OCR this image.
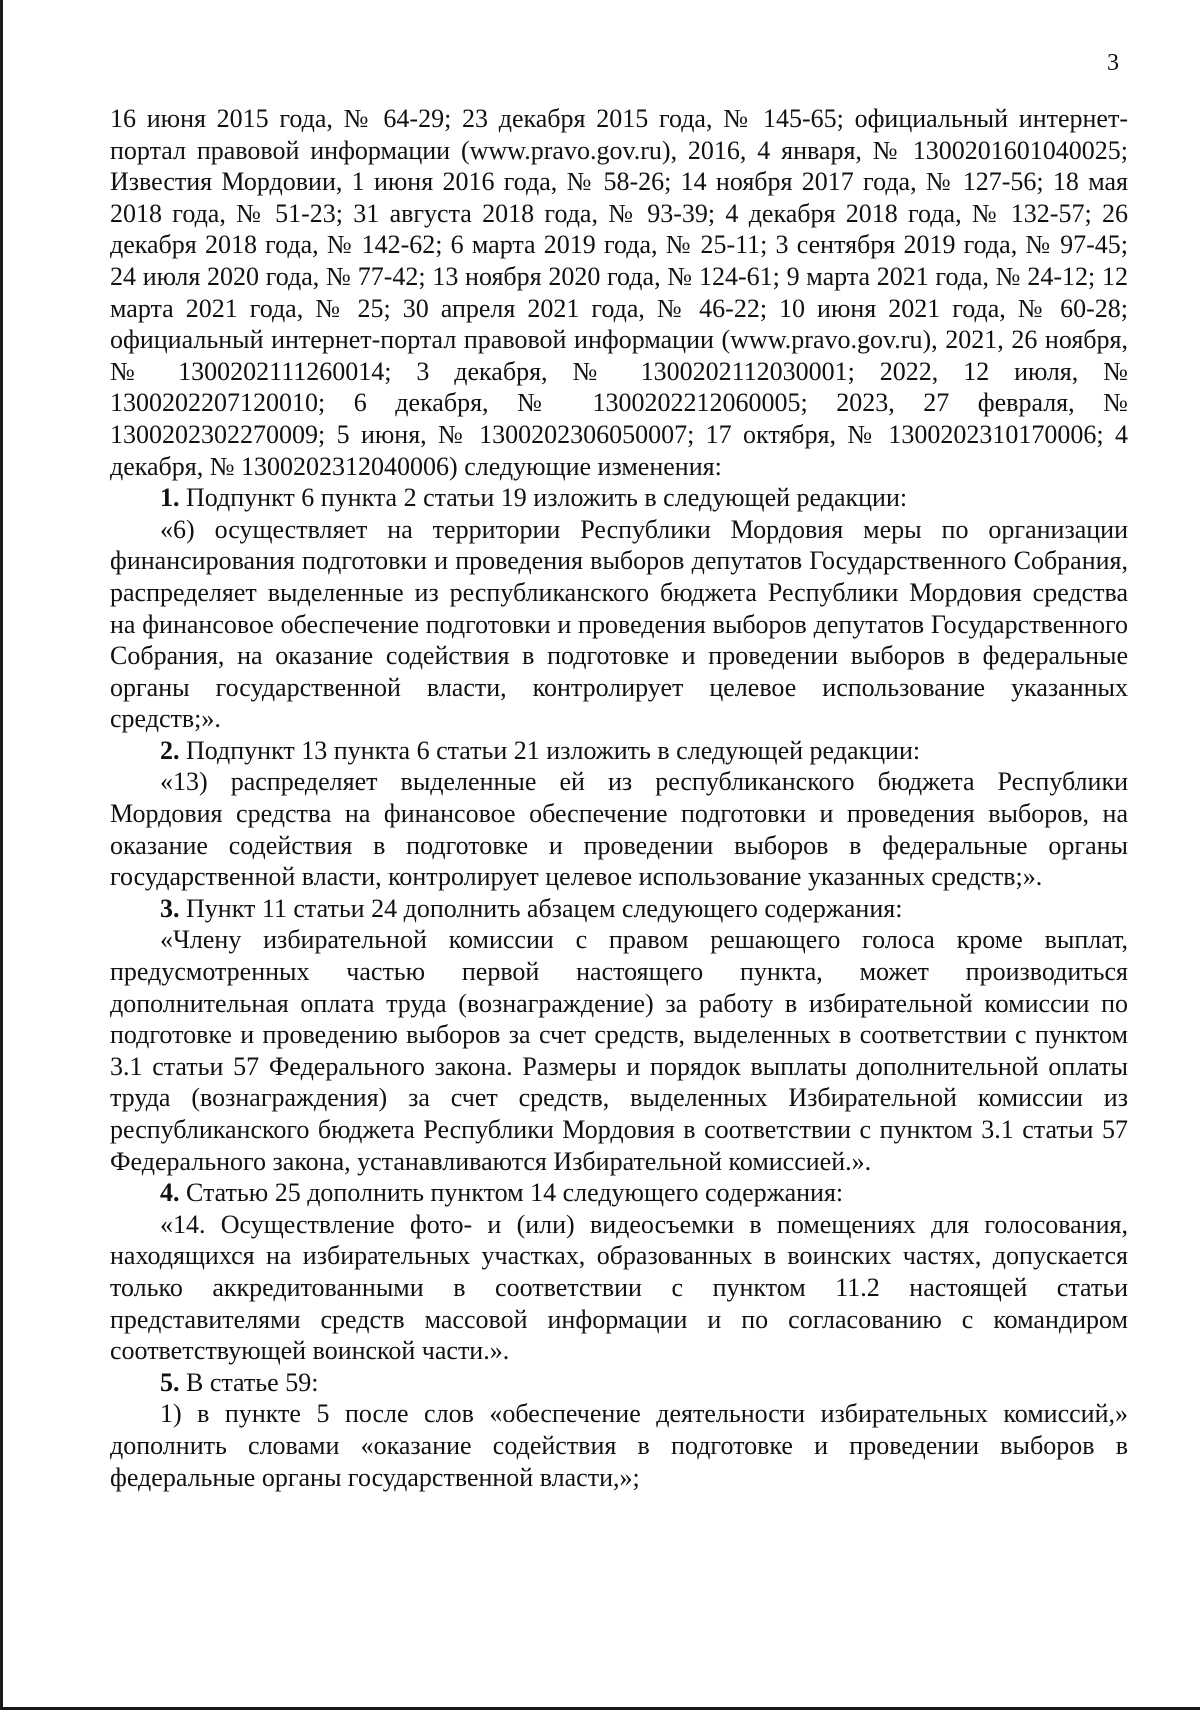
3

16 июня 2015 года, № 64-29; 23 декабря 2015 года, № 145-65; официальный интернет-портал правовой информации (www.pravo.gov.ru), 2016, 4 января, № 1300201601040025; Известия Мордовии, 1 июня 2016 года, № 58-26; 14 ноября 2017 года, № 127-56; 18 мая 2018 года, № 51-23; 31 августа 2018 года, № 93-39; 4 декабря 2018 года, № 132-57; 26 декабря 2018 года, № 142-62; 6 марта 2019 года, № 25-11; 3 сентября 2019 года, № 97-45; 24 июля 2020 года, № 77-42; 13 ноября 2020 года, № 124-61; 9 марта 2021 года, № 24-12; 12 марта 2021 года, № 25; 30 апреля 2021 года, № 46-22; 10 июня 2021 года, № 60-28; официальный интернет-портал правовой информации (www.pravo.gov.ru), 2021, 26 ноября, № 1300202111260014; 3 декабря, № 1300202112030001; 2022, 12 июля, № 1300202207120010; 6 декабря, № 1300202212060005; 2023, 27 февраля, № 1300202302270009; 5 июня, № 1300202306050007; 17 октября, № 1300202310170006; 4 декабря, № 1300202312040006) следующие изменения:

1. Подпункт 6 пункта 2 статьи 19 изложить в следующей редакции:

«6) осуществляет на территории Республики Мордовия меры по организации финансирования подготовки и проведения выборов депутатов Государственного Собрания, распределяет выделенные из республиканского бюджета Республики Мордовия средства на финансовое обеспечение подготовки и проведения выборов депутатов Государственного Собрания, на оказание содействия в подготовке и проведении выборов в федеральные органы государственной власти, контролирует целевое использование указанных средств;».

2. Подпункт 13 пункта 6 статьи 21 изложить в следующей редакции:

«13) распределяет выделенные ей из республиканского бюджета Республики Мордовия средства на финансовое обеспечение подготовки и проведения выборов, на оказание содействия в подготовке и проведении выборов в федеральные органы государственной власти, контролирует целевое использование указанных средств;».

3. Пункт 11 статьи 24 дополнить абзацем следующего содержания:

«Члену избирательной комиссии с правом решающего голоса кроме выплат, предусмотренных частью первой настоящего пункта, может производиться дополнительная оплата труда (вознаграждение) за работу в избирательной комиссии по подготовке и проведению выборов за счет средств, выделенных в соответствии с пунктом 3.1 статьи 57 Федерального закона. Размеры и порядок выплаты дополнительной оплаты труда (вознаграждения) за счет средств, выделенных Избирательной комиссии из республиканского бюджета Республики Мордовия в соответствии с пунктом 3.1 статьи 57 Федерального закона, устанавливаются Избирательной комиссией.».

4. Статью 25 дополнить пунктом 14 следующего содержания:

«14. Осуществление фото- и (или) видеосъемки в помещениях для голосования, находящихся на избирательных участках, образованных в воинских частях, допускается только аккредитованными в соответствии с пунктом 11.2 настоящей статьи представителями средств массовой информации и по согласованию с командиром соответствующей воинской части.».

5. В статье 59:

1) в пункте 5 после слов «обеспечение деятельности избирательных комиссий,» дополнить словами «оказание содействия в подготовке и проведении выборов в федеральные органы государственной власти,»;
